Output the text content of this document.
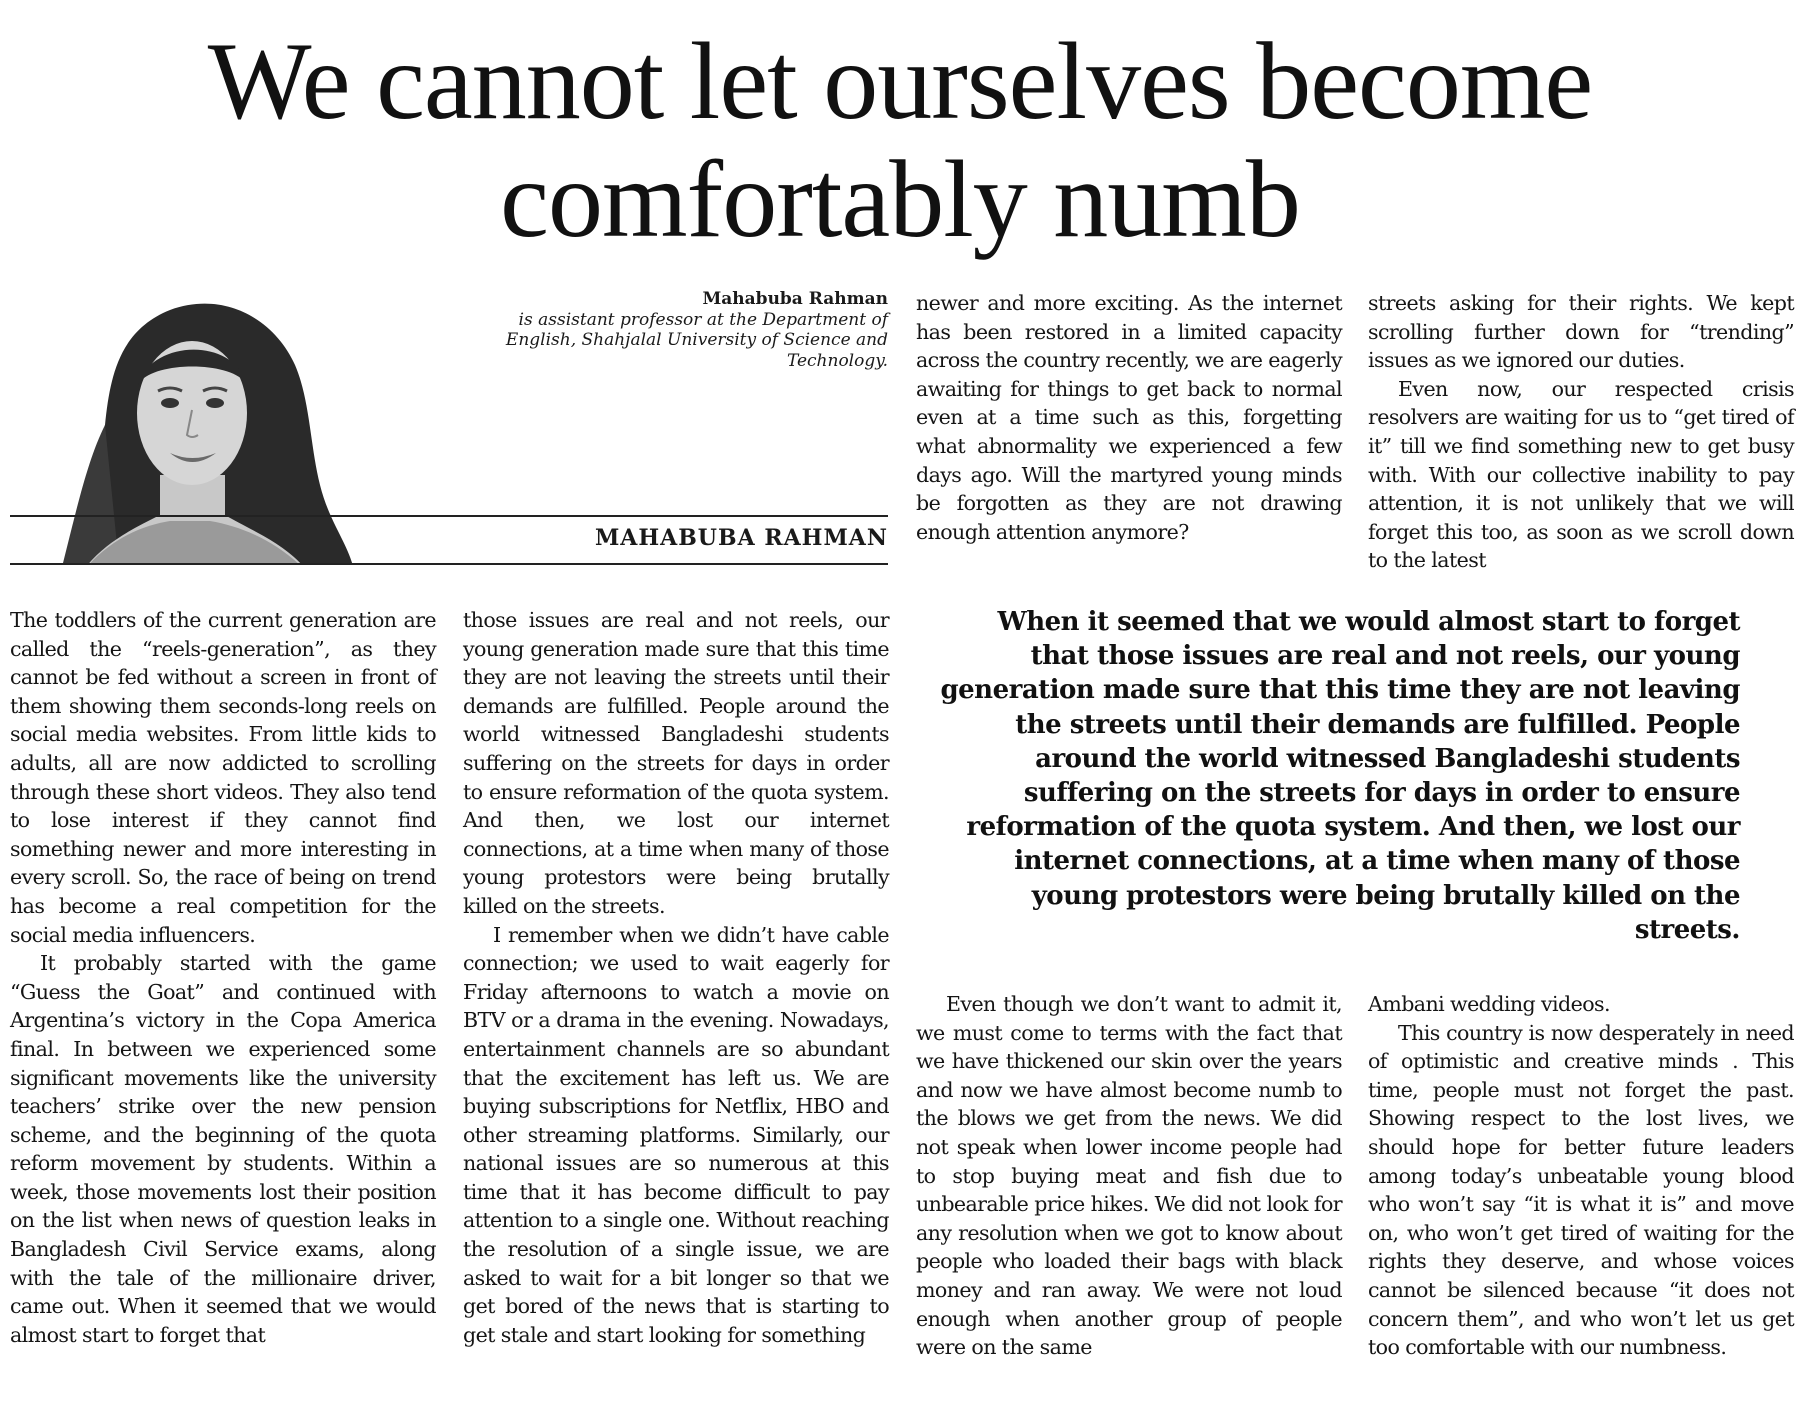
We cannot let ourselves become
comfortably numb
Mahabuba Rahman
is assistant professor at the Department of English, Shahjalal University of Science and Technology.
MAHABUBA RAHMAN

The toddlers of the current generation are called the “reels-generation”, as they cannot be fed without a screen in front of them showing them seconds-long reels on social media websites. From little kids to adults, all are now addicted to scrolling through these short videos. They also tend to lose interest if they cannot find something newer and more interesting in every scroll. So, the race of being on trend has become a real competition for the social media influencers.

It probably started with the game “Guess the Goat” and continued with Argentina’s victory in the Copa America final. In between we experienced some significant movements like the university teachers’ strike over the new pension scheme, and the beginning of the quota reform movement by students. Within a week, those movements lost their position on the list when news of question leaks in Bangladesh Civil Service exams, along with the tale of the millionaire driver, came out. When it seemed that we would almost start to forget that

those issues are real and not reels, our young generation made sure that this time they are not leaving the streets until their demands are fulfilled. People around the world witnessed Bangladeshi students suffering on the streets for days in order to ensure reformation of the quota system. And then, we lost our internet connections, at a time when many of those young protestors were being brutally killed on the streets.

I remember when we didn’t have cable connection; we used to wait eagerly for Friday afternoons to watch a movie on BTV or a drama in the evening. Nowadays, entertainment channels are so abundant that the excitement has left us. We are buying subscriptions for Netflix, HBO and other streaming platforms. Similarly, our national issues are so numerous at this time that it has become difficult to pay attention to a single one. Without reaching the resolution of a single issue, we are asked to wait for a bit longer so that we get bored of the news that is starting to get stale and start looking for something

newer and more exciting. As the internet has been restored in a limited capacity across the country recently, we are eagerly awaiting for things to get back to normal even at a time such as this, forgetting what abnormality we experienced a few days ago. Will the martyred young minds be forgotten as they are not drawing enough attention anymore?

streets asking for their rights. We kept scrolling further down for “trending” issues as we ignored our duties.

Even now, our respected crisis resolvers are waiting for us to “get tired of it” till we find something new to get busy with. With our collective inability to pay attention, it is not unlikely that we will forget this too, as soon as we scroll down to the latest

When it seemed that we would almost start to forget that those issues are real and not reels, our young generation made sure that this time they are not leaving the streets until their demands are fulfilled. People around the world witnessed Bangladeshi students suffering on the streets for days in order to ensure reformation of the quota system. And then, we lost our internet connections, at a time when many of those young protestors were being brutally killed on the streets.

Even though we don’t want to admit it, we must come to terms with the fact that we have thickened our skin over the years and now we have almost become numb to the blows we get from the news. We did not speak when lower income people had to stop buying meat and fish due to unbearable price hikes. We did not look for any resolution when we got to know about people who loaded their bags with black money and ran away. We were not loud enough when another group of people were on the same

Ambani wedding videos.

This country is now desperately in need of optimistic and creative minds . This time, people must not forget the past. Showing respect to the lost lives, we should hope for better future leaders among today’s unbeatable young blood who won’t say “it is what it is” and move on, who won’t get tired of waiting for the rights they deserve, and whose voices cannot be silenced because “it does not concern them”, and who won’t let us get too comfortable with our numbness.
